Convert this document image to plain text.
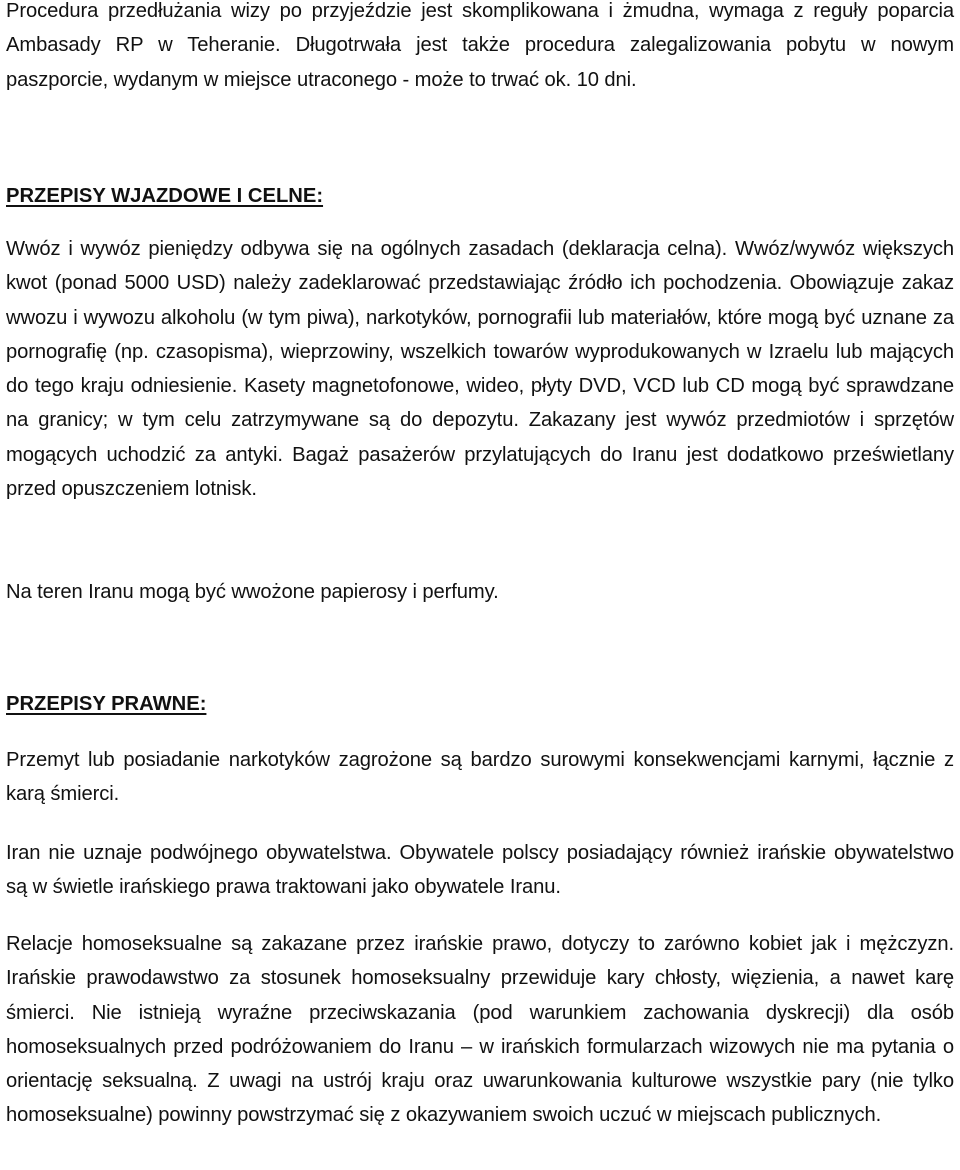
Procedura przedłużania wizy po przyjeździe jest skomplikowana i żmudna, wymaga z reguły poparcia Ambasady RP w Teheranie. Długotrwała jest także procedura zalegalizowania pobytu w nowym paszporcie, wydanym w miejsce utraconego - może to trwać ok. 10 dni.

PRZEPISY WJAZDOWE I CELNE:

Wwóz i wywóz pieniędzy odbywa się na ogólnych zasadach (deklaracja celna). Wwóz/wywóz większych kwot (ponad 5000 USD) należy zadeklarować przedstawiając źródło ich pochodzenia. Obowiązuje zakaz wwozu i wywozu alkoholu (w tym piwa), narkotyków, pornografii lub materiałów, które mogą być uznane za pornografię (np. czasopisma), wieprzowiny, wszelkich towarów wyprodukowanych w Izraelu lub mających do tego kraju odniesienie. Kasety magnetofonowe, wideo, płyty DVD, VCD lub CD mogą być sprawdzane na granicy; w tym celu zatrzymywane są do depozytu. Zakazany jest wywóz przedmiotów i sprzętów mogących uchodzić za antyki. Bagaż pasażerów przylatujących do Iranu jest dodatkowo prześwietlany przed opuszczeniem lotnisk.

Na teren Iranu mogą być wwożone papierosy i perfumy.

PRZEPISY PRAWNE:

Przemyt lub posiadanie narkotyków zagrożone są bardzo surowymi konsekwencjami karnymi, łącznie z karą śmierci.

Iran nie uznaje podwójnego obywatelstwa. Obywatele polscy posiadający również irańskie obywatelstwo są w świetle irańskiego prawa traktowani jako obywatele Iranu.

Relacje homoseksualne są zakazane przez irańskie prawo, dotyczy to zarówno kobiet jak i mężczyzn. Irańskie prawodawstwo za stosunek homoseksualny przewiduje kary chłosty, więzienia, a nawet karę śmierci. Nie istnieją wyraźne przeciwskazania (pod warunkiem zachowania dyskrecji) dla osób homoseksualnych przed podróżowaniem do Iranu – w irańskich formularzach wizowych nie ma pytania o orientację seksualną. Z uwagi na ustrój kraju oraz uwarunkowania kulturowe wszystkie pary (nie tylko homoseksualne) powinny powstrzymać się z okazywaniem swoich uczuć w miejscach publicznych.
